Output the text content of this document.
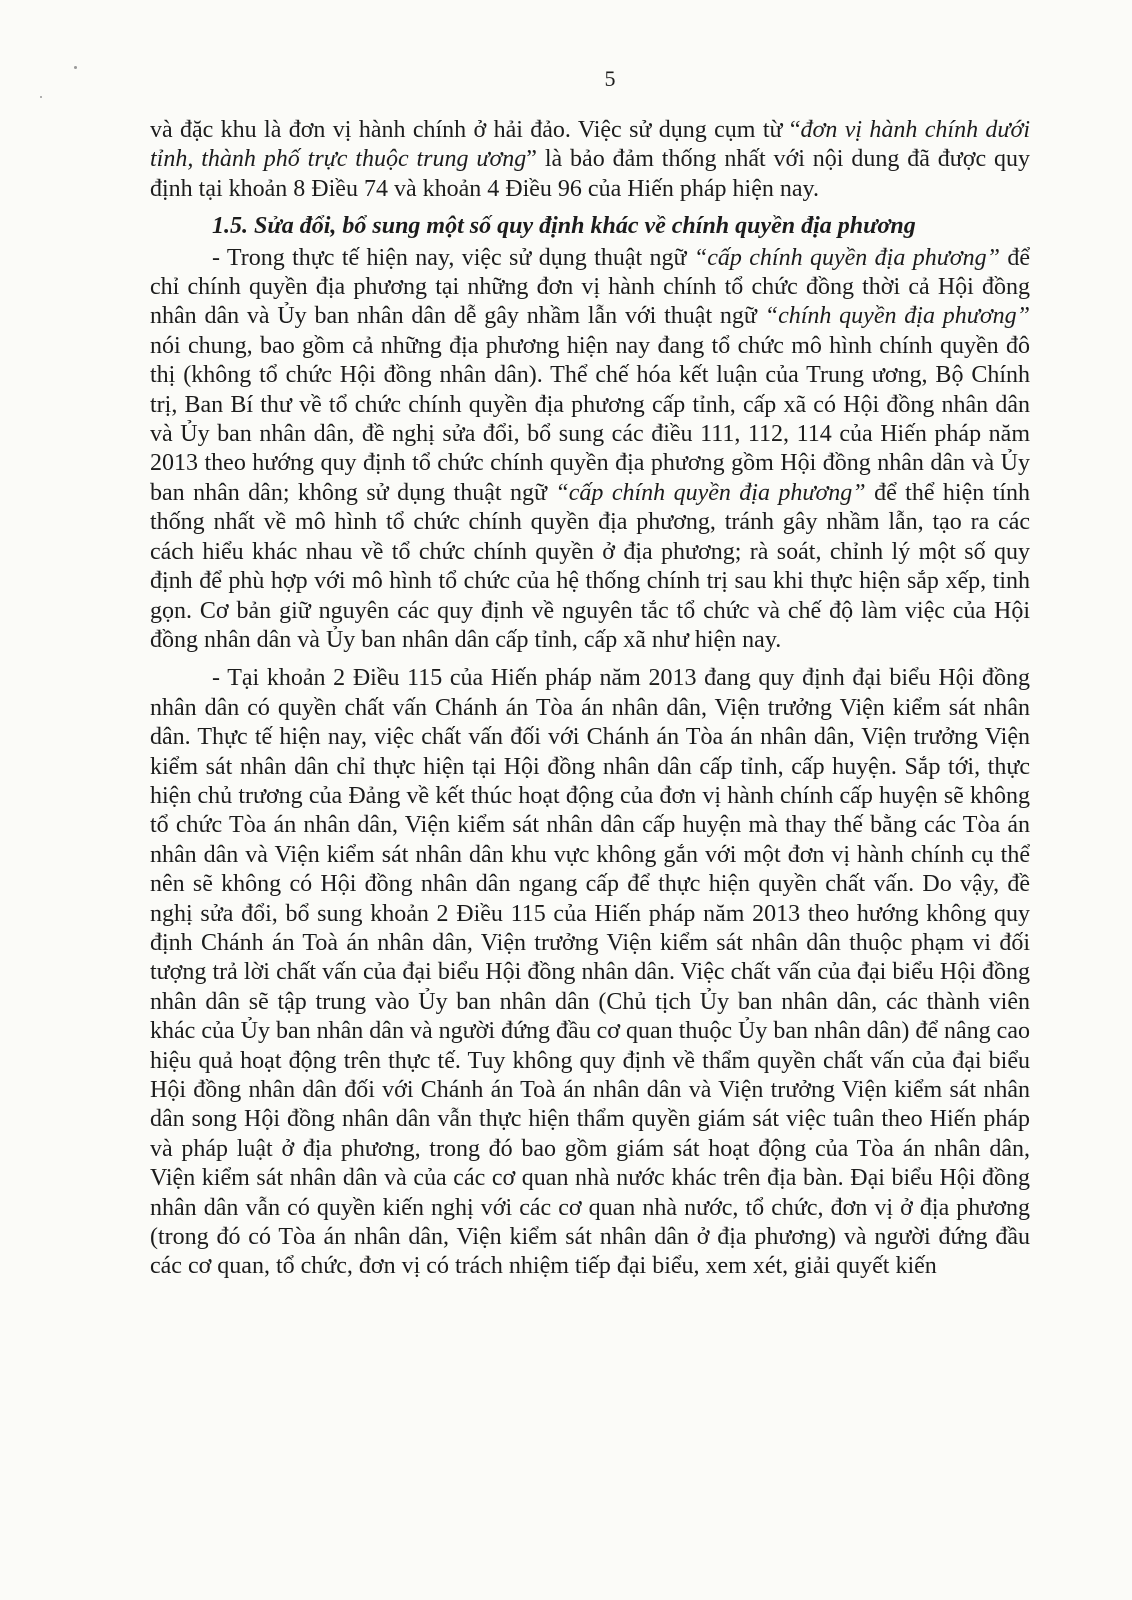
5

và đặc khu là đơn vị hành chính ở hải đảo. Việc sử dụng cụm từ “đơn vị hành chính dưới tỉnh, thành phố trực thuộc trung ương” là bảo đảm thống nhất với nội dung đã được quy định tại khoản 8 Điều 74 và khoản 4 Điều 96 của Hiến pháp hiện nay.

1.5. Sửa đổi, bổ sung một số quy định khác về chính quyền địa phương

- Trong thực tế hiện nay, việc sử dụng thuật ngữ “cấp chính quyền địa phương” để chỉ chính quyền địa phương tại những đơn vị hành chính tổ chức đồng thời cả Hội đồng nhân dân và Ủy ban nhân dân dễ gây nhầm lẫn với thuật ngữ “chính quyền địa phương” nói chung, bao gồm cả những địa phương hiện nay đang tổ chức mô hình chính quyền đô thị (không tổ chức Hội đồng nhân dân). Thể chế hóa kết luận của Trung ương, Bộ Chính trị, Ban Bí thư về tổ chức chính quyền địa phương cấp tỉnh, cấp xã có Hội đồng nhân dân và Ủy ban nhân dân, đề nghị sửa đổi, bổ sung các điều 111, 112, 114 của Hiến pháp năm 2013 theo hướng quy định tổ chức chính quyền địa phương gồm Hội đồng nhân dân và Ủy ban nhân dân; không sử dụng thuật ngữ “cấp chính quyền địa phương” để thể hiện tính thống nhất về mô hình tổ chức chính quyền địa phương, tránh gây nhầm lẫn, tạo ra các cách hiểu khác nhau về tổ chức chính quyền ở địa phương; rà soát, chỉnh lý một số quy định để phù hợp với mô hình tổ chức của hệ thống chính trị sau khi thực hiện sắp xếp, tinh gọn. Cơ bản giữ nguyên các quy định về nguyên tắc tổ chức và chế độ làm việc của Hội đồng nhân dân và Ủy ban nhân dân cấp tỉnh, cấp xã như hiện nay.

- Tại khoản 2 Điều 115 của Hiến pháp năm 2013 đang quy định đại biểu Hội đồng nhân dân có quyền chất vấn Chánh án Tòa án nhân dân, Viện trưởng Viện kiểm sát nhân dân. Thực tế hiện nay, việc chất vấn đối với Chánh án Tòa án nhân dân, Viện trưởng Viện kiểm sát nhân dân chỉ thực hiện tại Hội đồng nhân dân cấp tỉnh, cấp huyện. Sắp tới, thực hiện chủ trương của Đảng về kết thúc hoạt động của đơn vị hành chính cấp huyện sẽ không tổ chức Tòa án nhân dân, Viện kiểm sát nhân dân cấp huyện mà thay thế bằng các Tòa án nhân dân và Viện kiểm sát nhân dân khu vực không gắn với một đơn vị hành chính cụ thể nên sẽ không có Hội đồng nhân dân ngang cấp để thực hiện quyền chất vấn. Do vậy, đề nghị sửa đổi, bổ sung khoản 2 Điều 115 của Hiến pháp năm 2013 theo hướng không quy định Chánh án Toà án nhân dân, Viện trưởng Viện kiểm sát nhân dân thuộc phạm vi đối tượng trả lời chất vấn của đại biểu Hội đồng nhân dân. Việc chất vấn của đại biểu Hội đồng nhân dân sẽ tập trung vào Ủy ban nhân dân (Chủ tịch Ủy ban nhân dân, các thành viên khác của Ủy ban nhân dân và người đứng đầu cơ quan thuộc Ủy ban nhân dân) để nâng cao hiệu quả hoạt động trên thực tế. Tuy không quy định về thẩm quyền chất vấn của đại biểu Hội đồng nhân dân đối với Chánh án Toà án nhân dân và Viện trưởng Viện kiểm sát nhân dân song Hội đồng nhân dân vẫn thực hiện thẩm quyền giám sát việc tuân theo Hiến pháp và pháp luật ở địa phương, trong đó bao gồm giám sát hoạt động của Tòa án nhân dân, Viện kiểm sát nhân dân và của các cơ quan nhà nước khác trên địa bàn. Đại biểu Hội đồng nhân dân vẫn có quyền kiến nghị với các cơ quan nhà nước, tổ chức, đơn vị ở địa phương (trong đó có Tòa án nhân dân, Viện kiểm sát nhân dân ở địa phương) và người đứng đầu các cơ quan, tổ chức, đơn vị có trách nhiệm tiếp đại biểu, xem xét, giải quyết kiến
